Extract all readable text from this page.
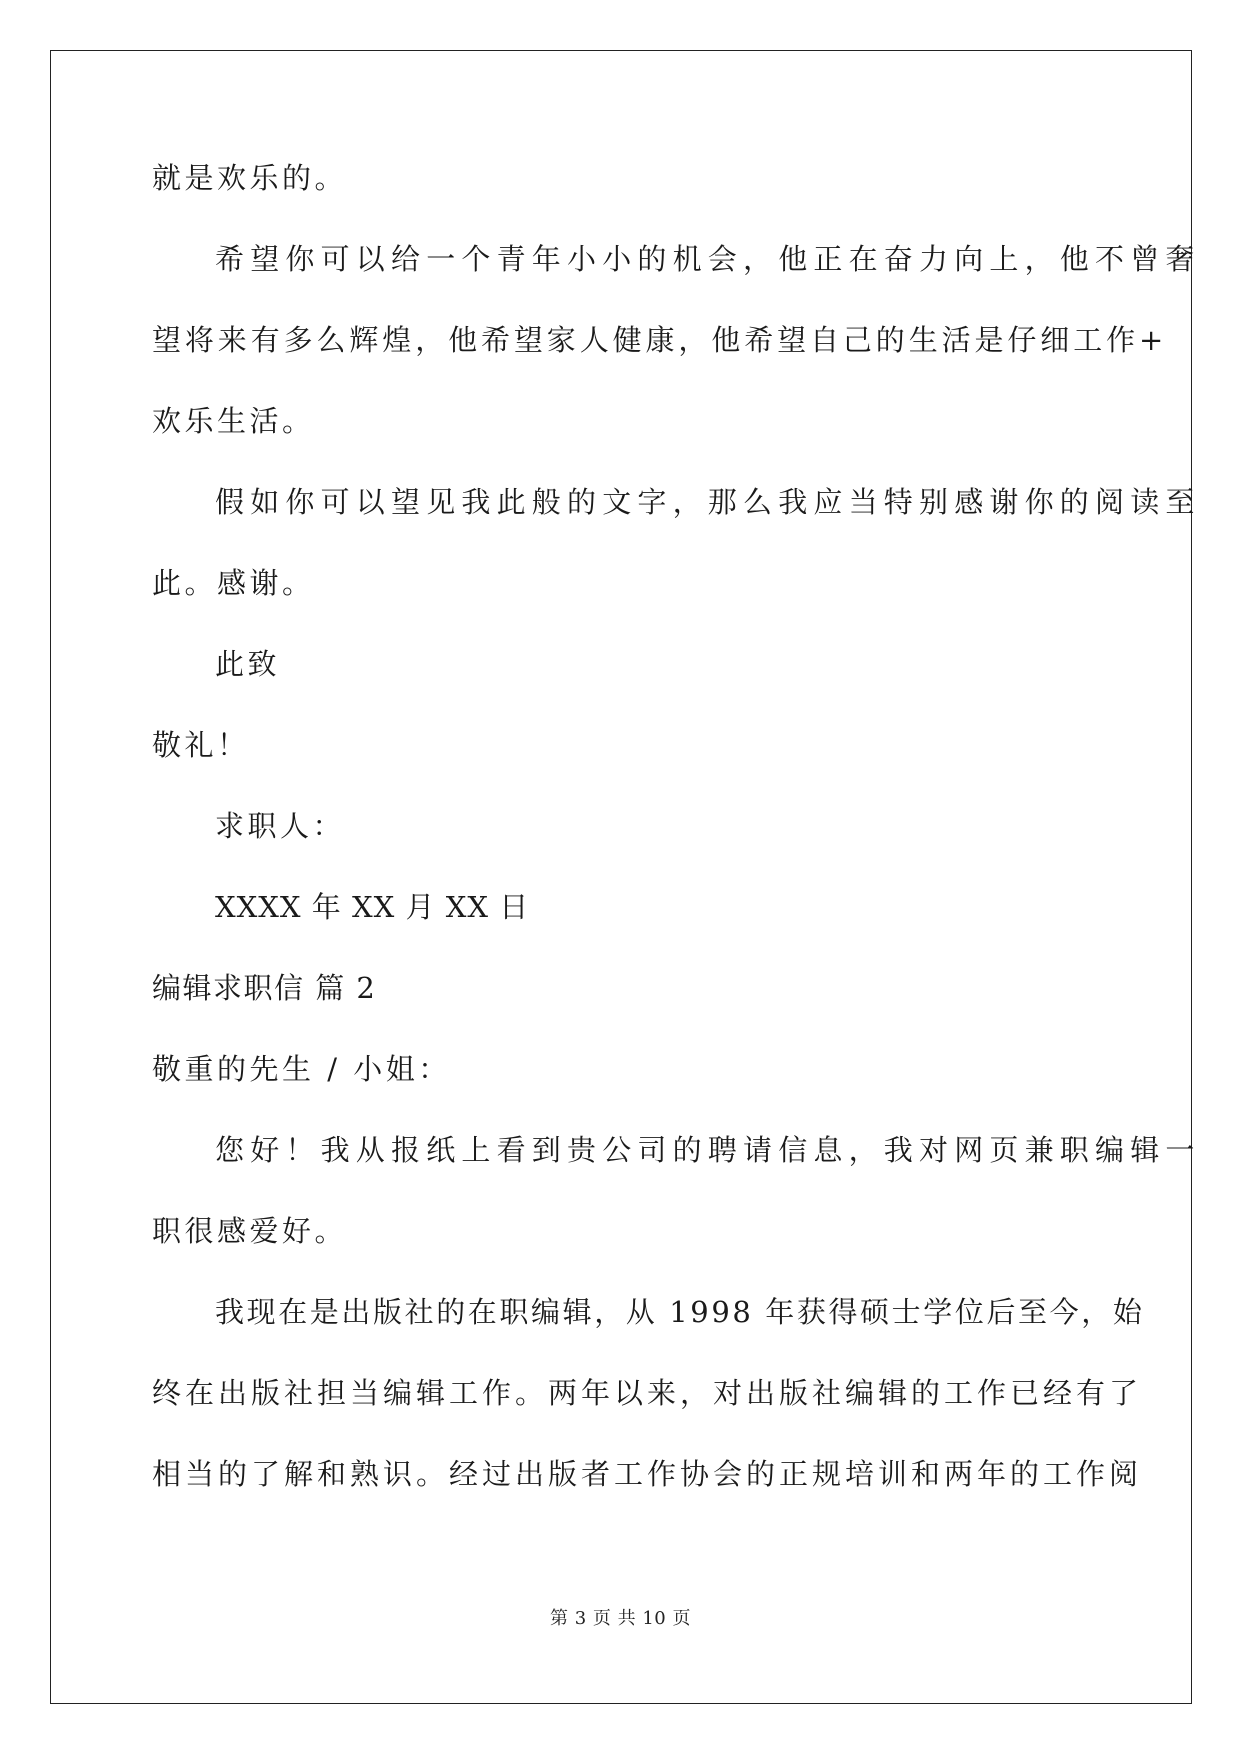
就是欢乐的。
希望你可以给一个青年小小的机会，他正在奋力向上，他不曾奢
望将来有多么辉煌，他希望家人健康，他希望自己的生活是仔细工作+
欢乐生活。
假如你可以望见我此般的文字，那么我应当特别感谢你的阅读至
此。感谢。
此致
敬礼！
求职人：
XXXX 年 XX 月 XX 日
编辑求职信 篇 2
敬重的先生 / 小姐：
您好！我从报纸上看到贵公司的聘请信息，我对网页兼职编辑一
职很感爱好。
我现在是出版社的在职编辑，从 1998 年获得硕士学位后至今，始
终在出版社担当编辑工作。两年以来，对出版社编辑的工作已经有了
相当的了解和熟识。经过出版者工作协会的正规培训和两年的工作阅
第 3 页 共 10 页
